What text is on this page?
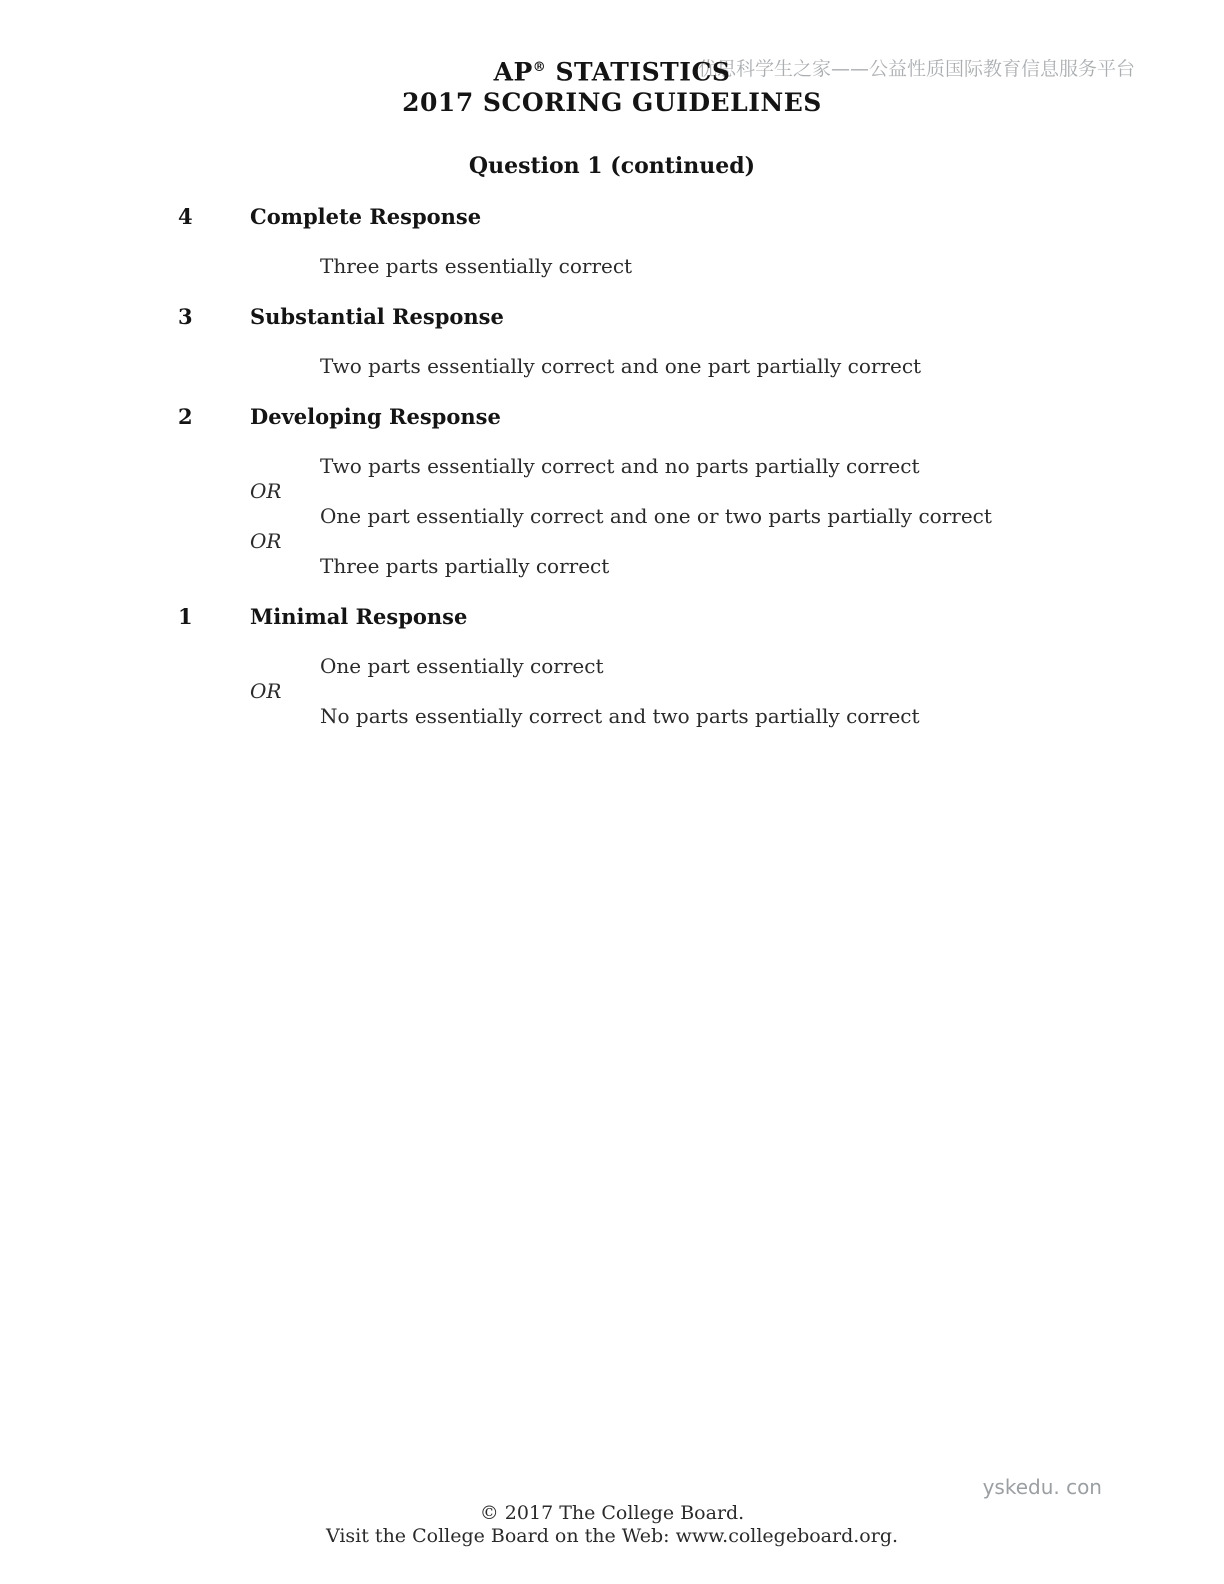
优思科学生之家——公益性质国际教育信息服务平台
AP® STATISTICS
2017 SCORING GUIDELINES
Question 1 (continued)
4	Complete Response
Three parts essentially correct
3	Substantial Response
Two parts essentially correct and one part partially correct
2	Developing Response
Two parts essentially correct and no parts partially correct
OR
One part essentially correct and one or two parts partially correct
OR
Three parts partially correct
1	Minimal Response
One part essentially correct
OR
No parts essentially correct and two parts partially correct
yskedu. con
© 2017 The College Board.
Visit the College Board on the Web: www.collegeboard.org.
